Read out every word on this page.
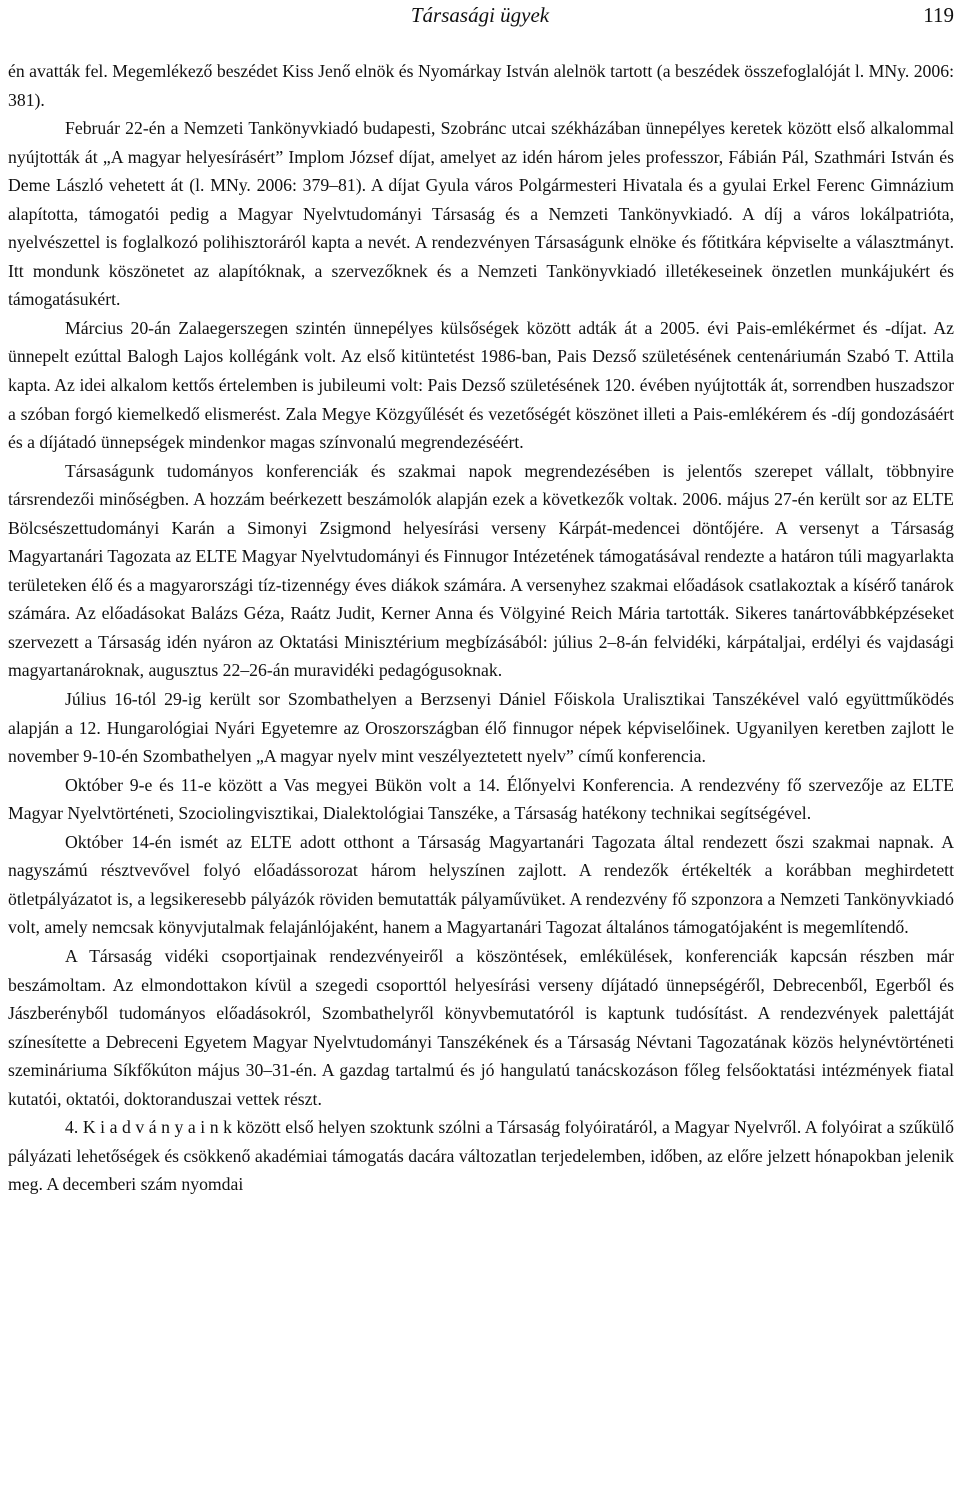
Társasági ügyek	119

én avatták fel. Megemlékező beszédet Kiss Jenő elnök és Nyomárkay István alelnök tartott (a beszédek összefoglalóját l. MNy. 2006: 381).

Február 22-én a Nemzeti Tankönyvkiadó budapesti, Szobránc utcai székházában ünnepélyes keretek között első alkalommal nyújtották át „A magyar helyesírásért” Implom József díjat, amelyet az idén három jeles professzor, Fábián Pál, Szathmári István és Deme László vehetett át (l. MNy. 2006: 379–81). A díjat Gyula város Polgármesteri Hivatala és a gyulai Erkel Ferenc Gimnázium alapította, támogatói pedig a Magyar Nyelvtudományi Társaság és a Nemzeti Tankönyvkiadó. A díj a város lokálpatriótа, nyelvészettel is foglalkozó polihisztoráról kapta a nevét. A rendezvényen Társaságunk elnöke és főtitkára képviselte a választmányt. Itt mondunk köszönetet az alapítóknak, a szervezőknek és a Nemzeti Tankönyvkiadó illetékeseinek önzetlen munkájukért és támogatásukért.

Március 20-án Zalaegerszegen szintén ünnepélyes külsőségek között adták át a 2005. évi Pais-emlékérmet és -díjat. Az ünnepelt ezúttal Balogh Lajos kollégánk volt. Az első kitüntetést 1986-ban, Pais Dezső születésének centenáriumán Szabó T. Attila kapta. Az idei alkalom kettős értelemben is jubileumi volt: Pais Dezső születésének 120. évében nyújtották át, sorrendben huszadszor a szóban forgó kiemelkedő elismerést. Zala Megye Közgyűlését és vezetőségét köszönet illeti a Pais-emlékérem és -díj gondozásáért és a díjátadó ünnepségek mindenkor magas színvonalú megrendezéséért.

Társaságunk tudományos konferenciák és szakmai napok megrendezésében is jelentős szerepet vállalt, többnyire társrendezői minőségben. A hozzám beérkezett beszámolók alapján ezek a következők voltak. 2006. május 27-én került sor az ELTE Bölcsészettudományi Karán a Simonyi Zsigmond helyesírási verseny Kárpát-medencei döntőjére. A versenyt a Társaság Magyartanári Tagozata az ELTE Magyar Nyelvtudományi és Finnugor Intézetének támogatásával rendezte a határon túli magyarlakta területeken élő és a magyarországi tíz-tizennégy éves diákok számára. A versenyhez szakmai előadások csatlakoztak a kísérő tanárok számára. Az előadásokat Balázs Géza, Raátz Judit, Kerner Anna és Völgyiné Reich Mária tartották. Sikeres tanártovábbképzéseket szervezett a Társaság idén nyáron az Oktatási Minisztérium megbízásából: július 2–8-án felvidéki, kárpátaljai, erdélyi és vajdasági magyartanároknak, augusztus 22–26-án muravidéki pedagógusoknak.

Július 16-tól 29-ig került sor Szombathelyen a Berzsenyi Dániel Főiskola Uralisztikai Tanszékével való együttműködés alapján a 12. Hungarológiai Nyári Egyetemre az Oroszországban élő finnugor népek képviselőinek. Ugyanilyen keretben zajlott le november 9-10-én Szombathelyen „A magyar nyelv mint veszélyeztetett nyelv” című konferencia.

Október 9-e és 11-e között a Vas megyei Bükön volt a 14. Élőnyelvi Konferencia. A rendezvény fő szervezője az ELTE Magyar Nyelvtörténeti, Szociolingvisztikai, Dialektológiai Tanszéke, a Társaság hatékony technikai segítségével.

Október 14-én ismét az ELTE adott otthont a Társaság Magyartanári Tagozata által rendezett őszi szakmai napnak. A nagyszámú résztvevővel folyó előadássorozat három helyszínen zajlott. A rendezők értékelték a korábban meghirdetett ötletpályázatot is, a legsikeresebb pályázók röviden bemutatták pályaművüket. A rendezvény fő szponzora a Nemzeti Tankönyvkiadó volt, amely nemcsak könyvjutalmak felajánlójaként, hanem a Magyartanári Tagozat általános támogatójaként is megemlítendő.

A Társaság vidéki csoportjainak rendezvényeiről a köszöntések, emlékülések, konferenciák kapcsán részben már beszámoltam. Az elmondottakon kívül a szegedi csoporttól helyesírási verseny díjátadó ünnepségéről, Debrecenből, Egerből és Jászberényből tudományos előadásokról, Szombathelyről könyvbemutatóról is kaptunk tudósítást. A rendezvények palettáját színesítette a Debreceni Egyetem Magyar Nyelvtudományi Tanszékének és a Társaság Névtani Tagozatának közös helynévtörténeti szemináriuma Síkfőkúton május 30–31-én. A gazdag tartalmú és jó hangulatú tanácskozáson főleg felsőoktatási intézmények fiatal kutatói, oktatói, doktoranduszai vettek részt.

4. K i a d v á n y a i n k között első helyen szoktunk szólni a Társaság folyóiratáról, a Magyar Nyelvről. A folyóirat a szűkülő pályázati lehetőségek és csökkenő akadémiai támogatás dacára változatlan terjedelemben, időben, az előre jelzett hónapokban jelenik meg. A decemberi szám nyomdai
